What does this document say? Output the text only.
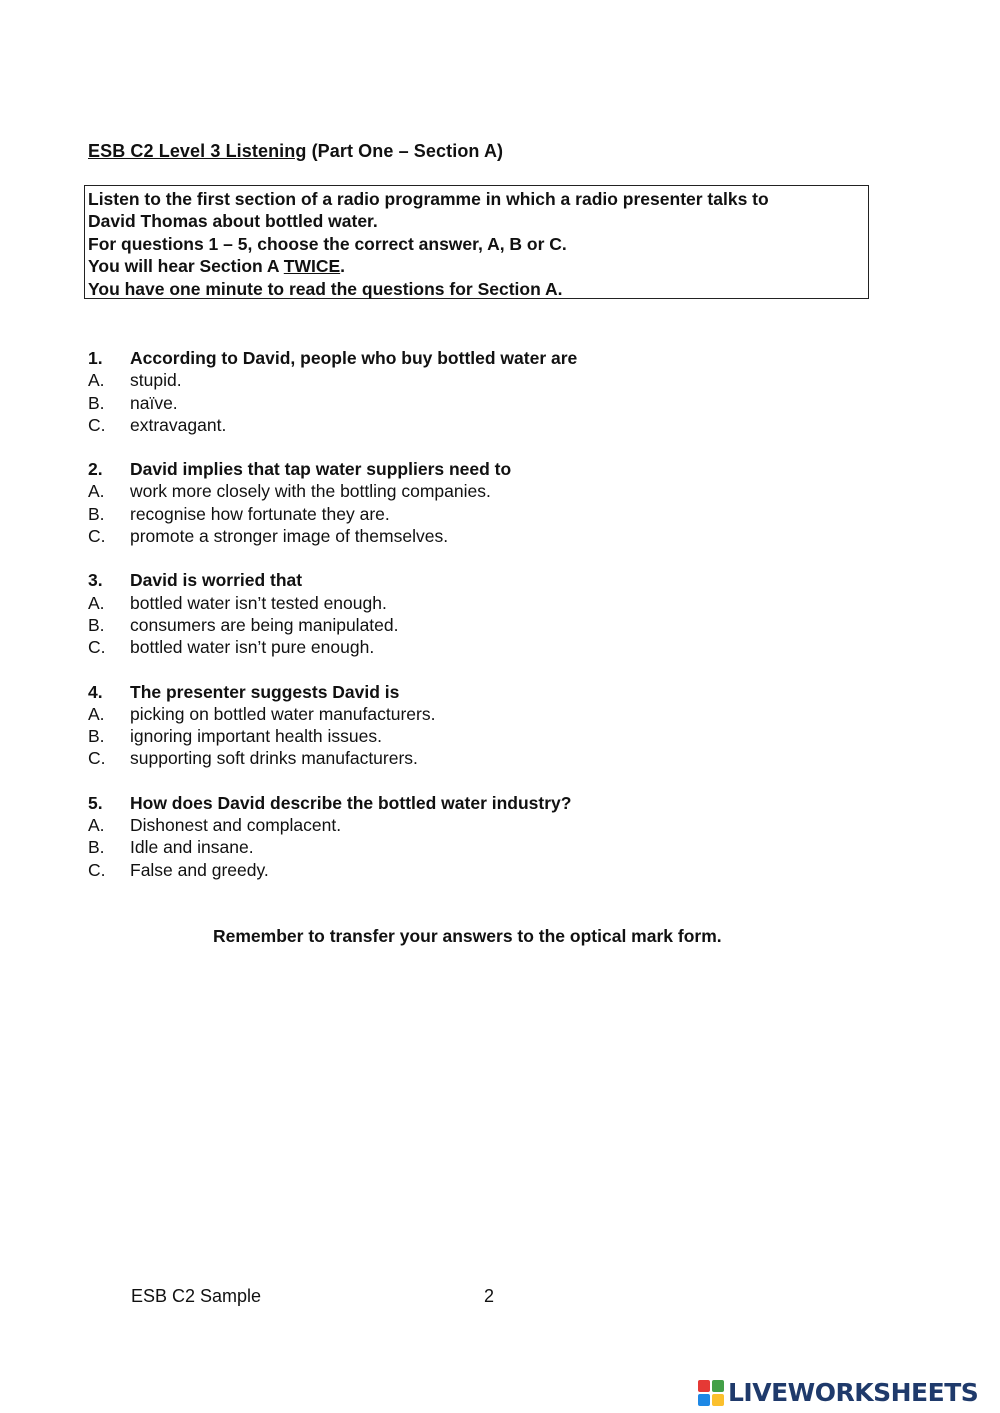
ESB C2 Level 3 Listening (Part One – Section A)
Listen to the first section of a radio programme in which a radio presenter talks to
David Thomas about bottled water.
For questions 1 – 5, choose the correct answer, A, B or C.
You will hear Section A TWICE.
You have one minute to read the questions for Section A.
1.	According to David, people who buy bottled water are
A.	stupid.
B.	naïve.
C.	extravagant.
2.	David implies that tap water suppliers need to
A.	work more closely with the bottling companies.
B.	recognise how fortunate they are.
C.	promote a stronger image of themselves.
3.	David is worried that
A.	bottled water isn’t tested enough.
B.	consumers are being manipulated.
C.	bottled water isn’t pure enough.
4.	The presenter suggests David is
A.	picking on bottled water manufacturers.
B.	ignoring important health issues.
C.	supporting soft drinks manufacturers.
5.	How does David describe the bottled water industry?
A.	Dishonest and complacent.
B.	Idle and insane.
C.	False and greedy.
Remember to transfer your answers to the optical mark form.
ESB C2 Sample	2
LIVEWORKSHEETS
